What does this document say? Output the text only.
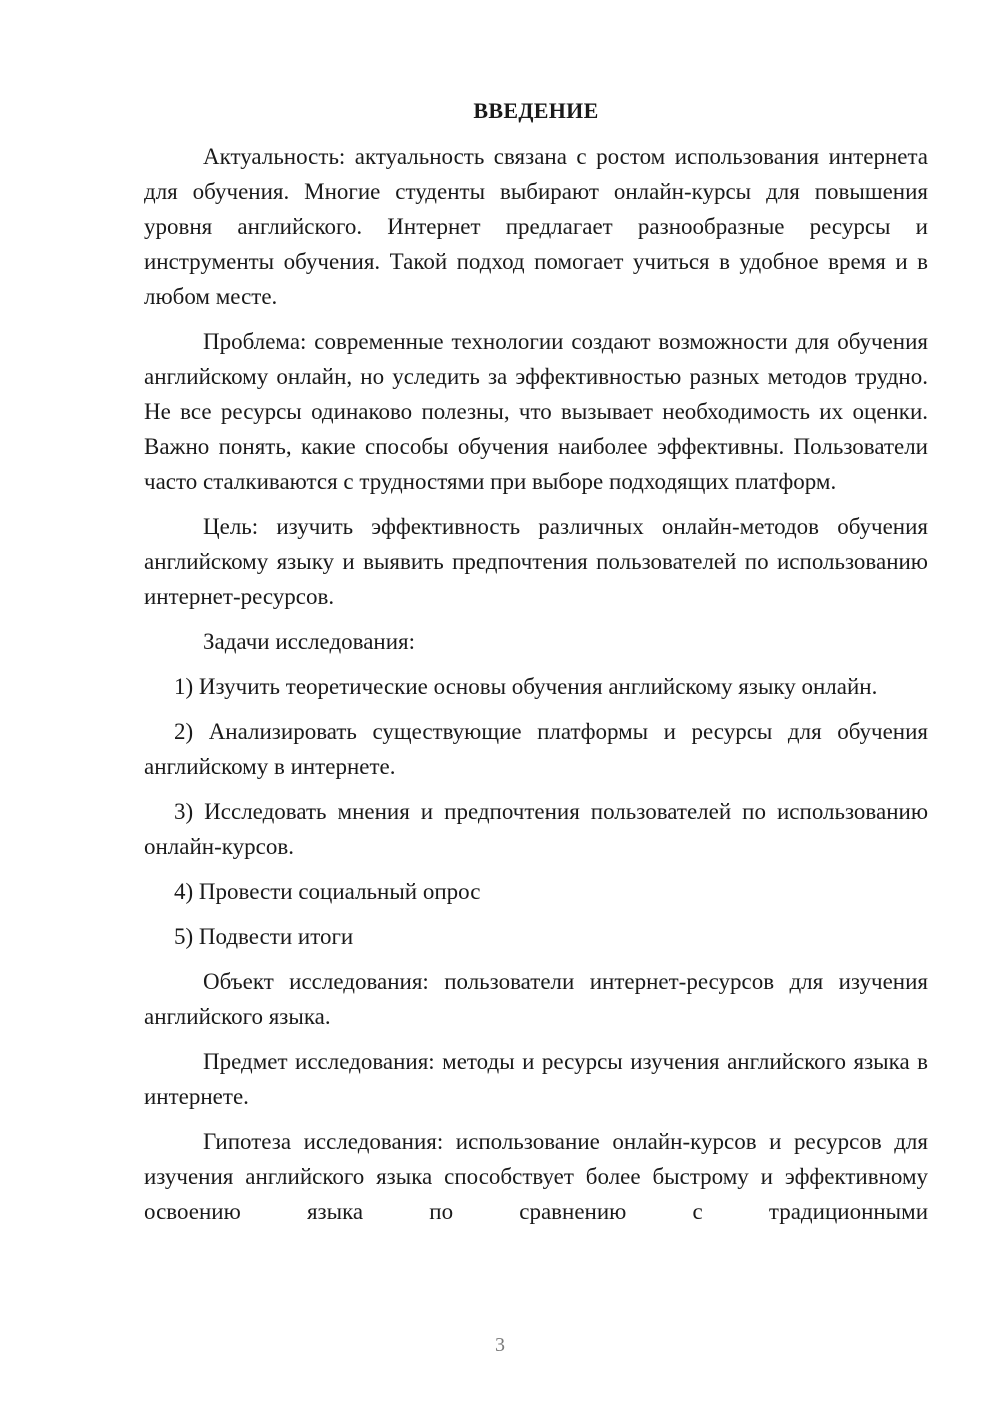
ВВЕДЕНИЕ

Актуальность: актуальность связана с ростом использования интернета для обучения. Многие студенты выбирают онлайн-курсы для повышения уровня английского. Интернет предлагает разнообразные ресурсы и инструменты обучения. Такой подход помогает учиться в удобное время и в любом месте.

Проблема: современные технологии создают возможности для обучения английскому онлайн, но уследить за эффективностью разных методов трудно. Не все ресурсы одинаково полезны, что вызывает необходимость их оценки. Важно понять, какие способы обучения наиболее эффективны. Пользователи часто сталкиваются с трудностями при выборе подходящих платформ.

Цель: изучить эффективность различных онлайн-методов обучения английскому языку и выявить предпочтения пользователей по использованию интернет-ресурсов.

Задачи исследования:

1) Изучить теоретические основы обучения английскому языку онлайн.

2) Анализировать существующие платформы и ресурсы для обучения английскому в интернете.

3) Исследовать мнения и предпочтения пользователей по использованию онлайн-курсов.

4) Провести социальный опрос

5) Подвести итоги

Объект исследования: пользователи интернет-ресурсов для изучения английского языка.

Предмет исследования: методы и ресурсы изучения английского языка в интернете.

Гипотеза исследования: использование онлайн-курсов и ресурсов для изучения английского языка способствует более быстрому и эффективному освоению языка по сравнению с традиционными

3
